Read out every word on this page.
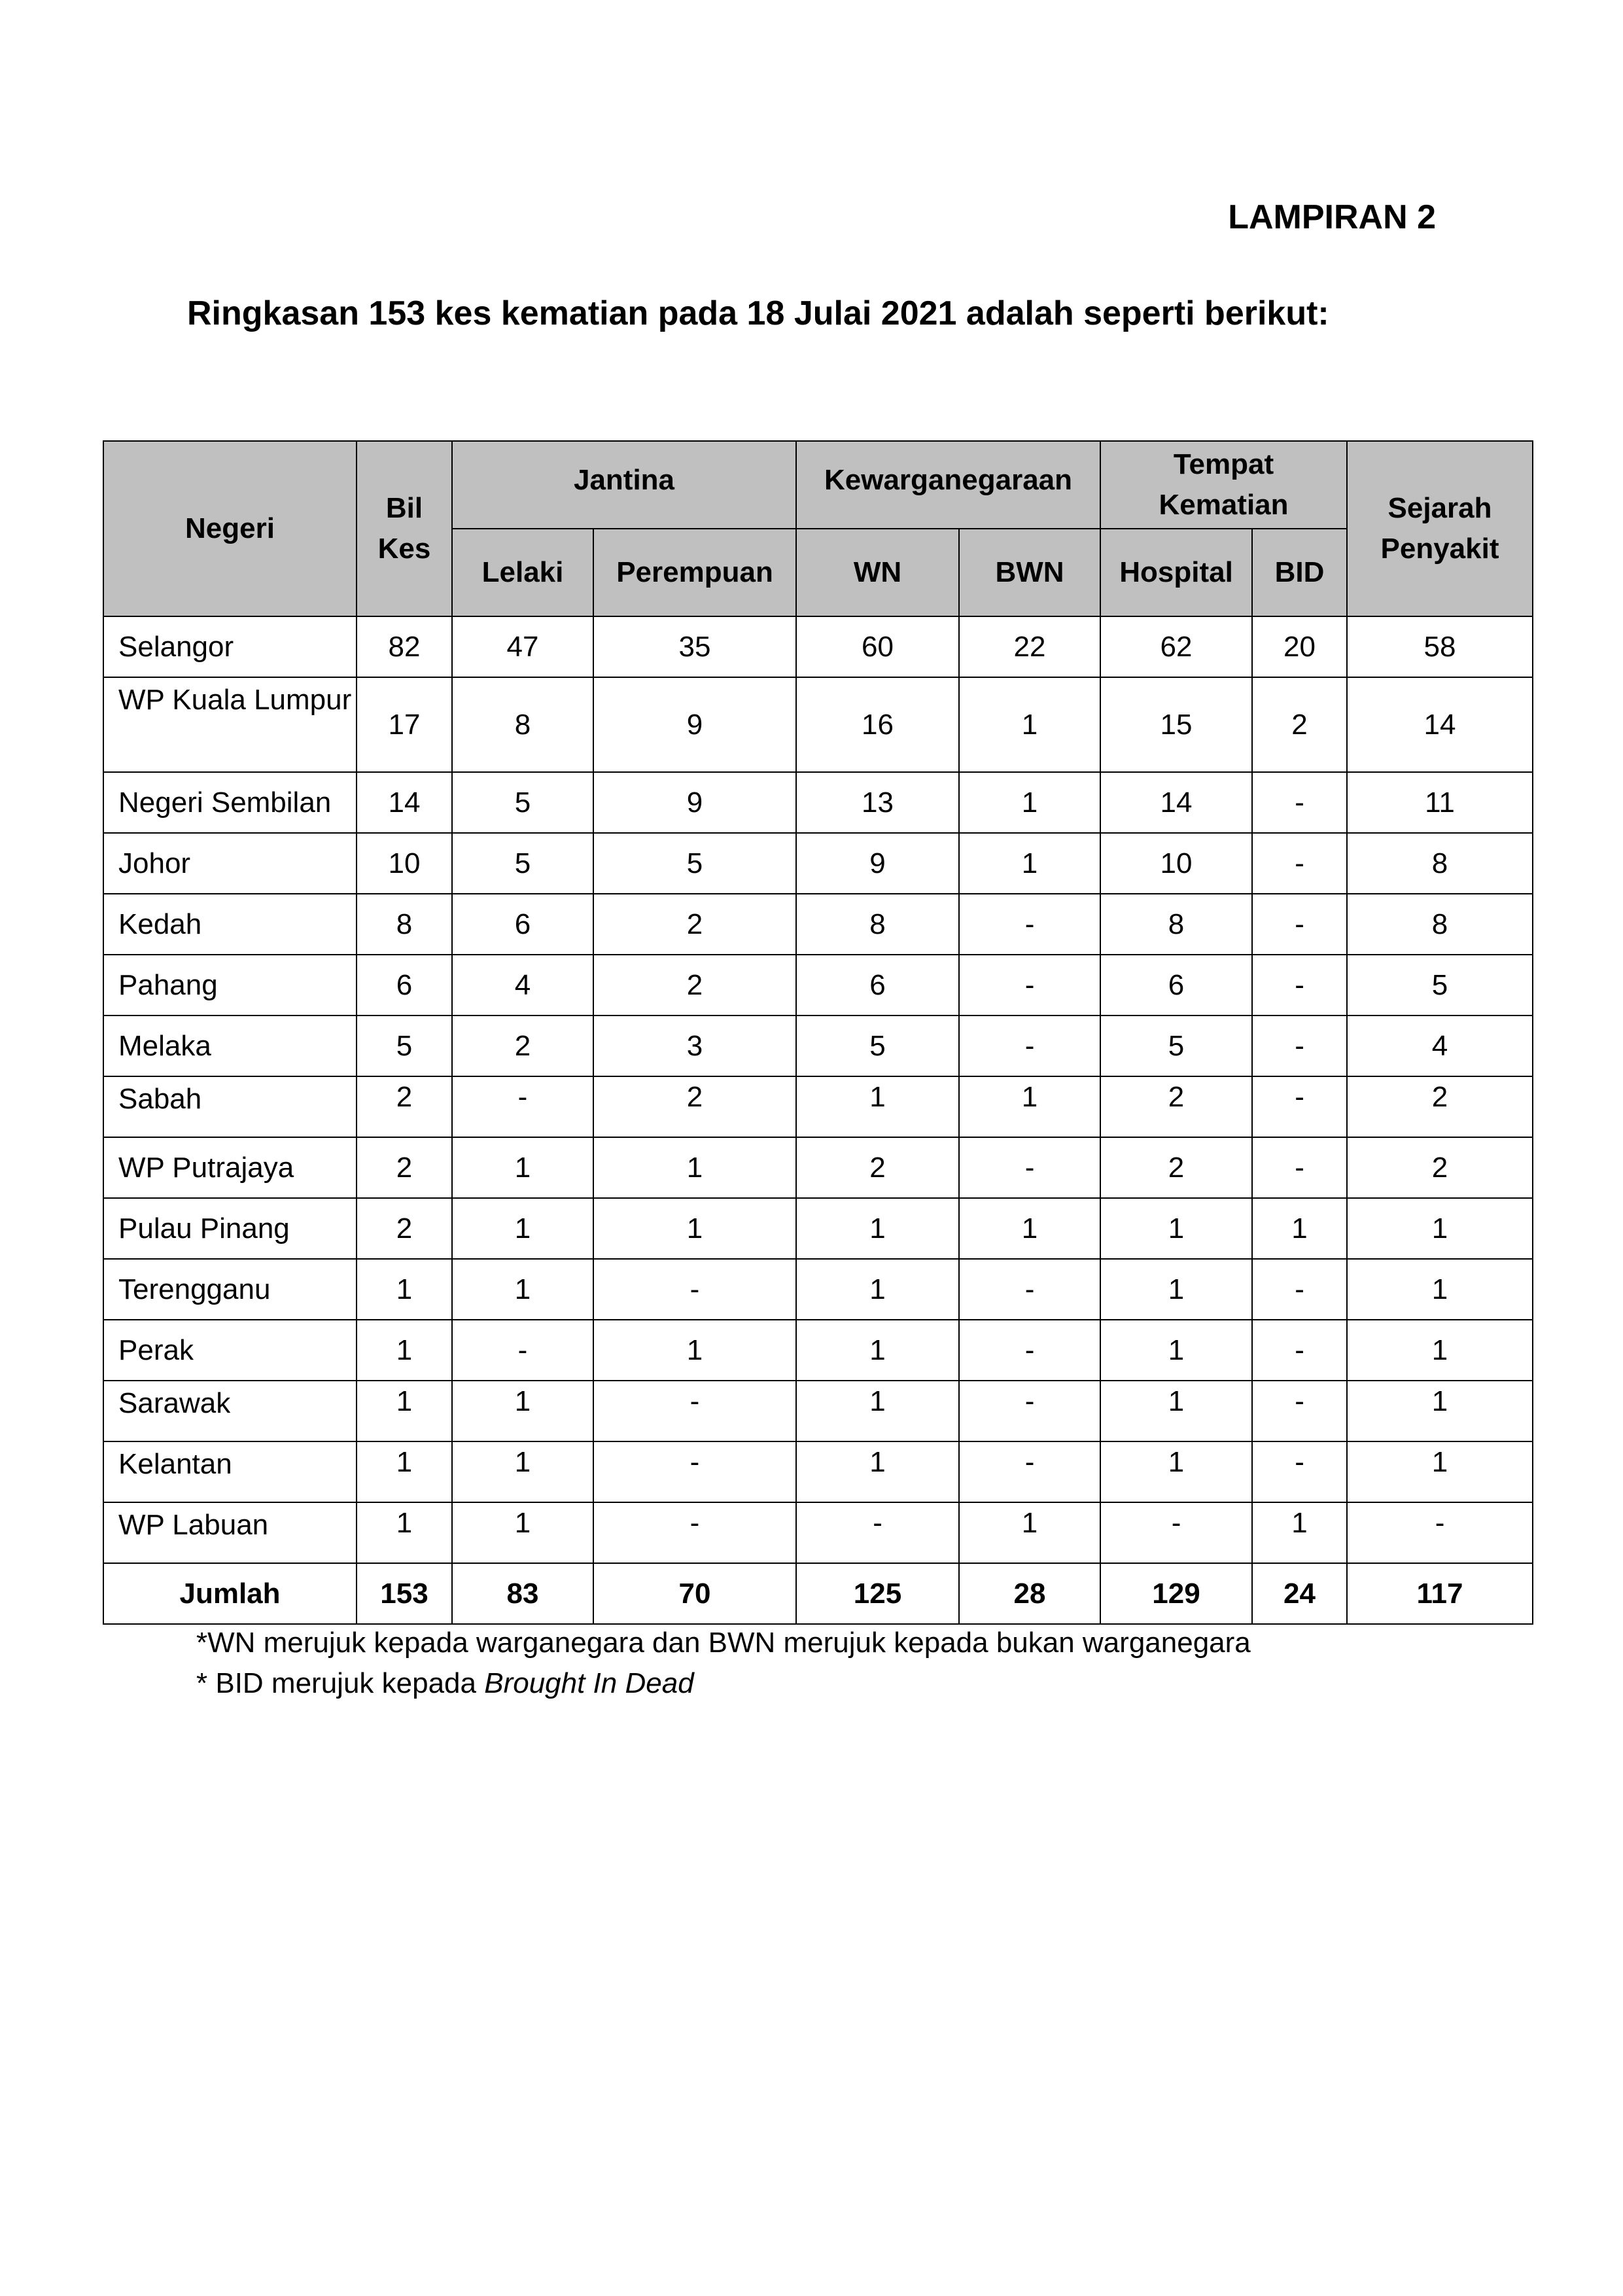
LAMPIRAN 2

Ringkasan 153 kes kematian pada 18 Julai 2021 adalah seperti berikut:

Negeri	Bil Kes	Jantina		Kewarganegaraan		Tempat Kematian		Sejarah Penyakit
		Lelaki	Perempuan	WN	BWN	Hospital	BID	
Selangor	82	47	35	60	22	62	20	58
WP Kuala Lumpur	17	8	9	16	1	15	2	14
Negeri Sembilan	14	5	9	13	1	14	-	11
Johor	10	5	5	9	1	10	-	8
Kedah	8	6	2	8	-	8	-	8
Pahang	6	4	2	6	-	6	-	5
Melaka	5	2	3	5	-	5	-	4
Sabah	2	-	2	1	1	2	-	2
WP Putrajaya	2	1	1	2	-	2	-	2
Pulau Pinang	2	1	1	1	1	1	1	1
Terengganu	1	1	-	1	-	1	-	1
Perak	1	-	1	1	-	1	-	1
Sarawak	1	1	-	1	-	1	-	1
Kelantan	1	1	-	1	-	1	-	1
WP Labuan	1	1	-	-	1	-	1	-
Jumlah	153	83	70	125	28	129	24	117
*WN merujuk kepada warganegara dan BWN merujuk kepada bukan warganegara
* BID merujuk kepada Brought In Dead
